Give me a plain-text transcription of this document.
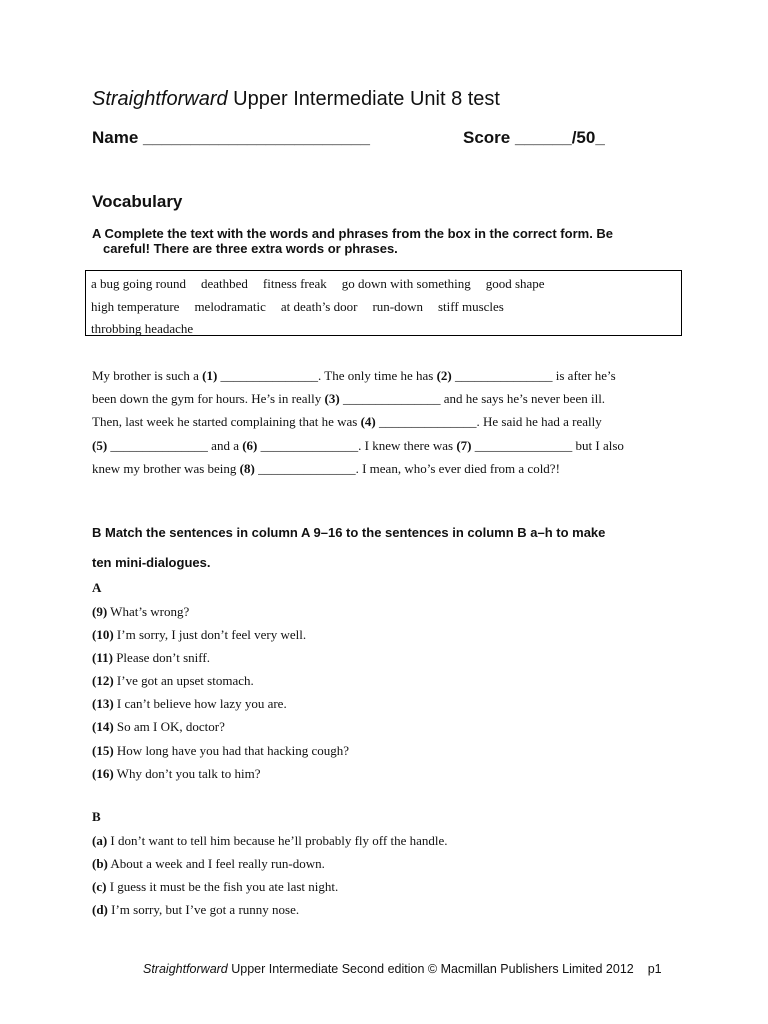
Straightforward Upper Intermediate Unit 8 test
Name ________________________	Score ______/50_
Vocabulary
A Complete the text with the words and phrases from the box in the correct form. Be
careful! There are three extra words or phrases.
a bug going round deathbed fitness freak go down with something good shape
high temperature melodramatic at death’s door run-down stiff muscles
throbbing headache
My brother is such a (1) _______________. The only time he has (2) _______________ is after he’s
been down the gym for hours. He’s in really (3) _______________ and he says he’s never been ill.
Then, last week he started complaining that he was (4) _______________. He said he had a really
(5) _______________ and a (6) _______________. I knew there was (7) _______________ but I also
knew my brother was being (8) _______________. I mean, who’s ever died from a cold?!
B Match the sentences in column A 9–16 to the sentences in column B a–h to make
ten mini-dialogues.
A
(9) What’s wrong?
(10) I’m sorry, I just don’t feel very well.
(11) Please don’t sniff.
(12) I’ve got an upset stomach.
(13) I can’t believe how lazy you are.
(14) So am I OK, doctor?
(15) How long have you had that hacking cough?
(16) Why don’t you talk to him?
B
(a) I don’t want to tell him because he’ll probably fly off the handle.
(b) About a week and I feel really run-down.
(c) I guess it must be the fish you ate last night.
(d) I’m sorry, but I’ve got a runny nose.
Straightforward Upper Intermediate Second edition © Macmillan Publishers Limited 2012 p1
